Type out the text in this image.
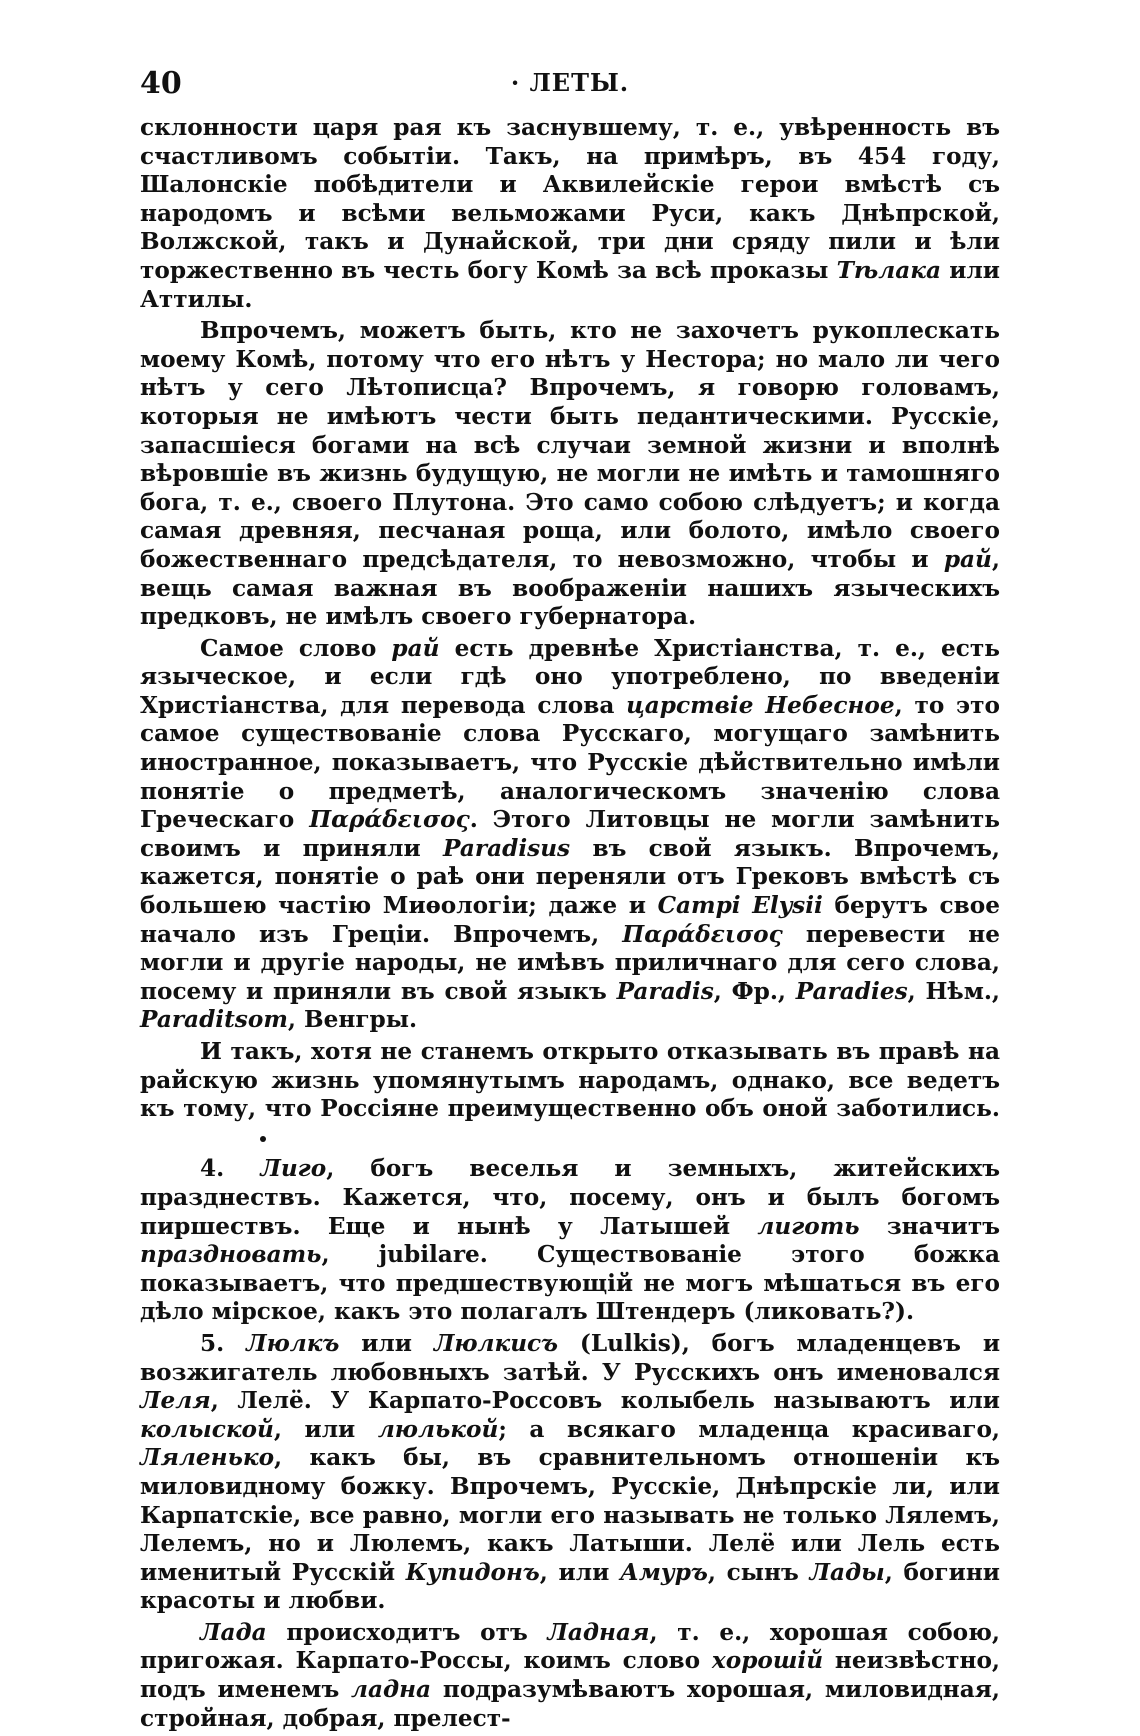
40	· ЛЕТЫ.

склонности царя рая къ заснувшему, т. е., увѣренность въ счастливомъ событіи. Такъ, на примѣръ, въ 454 году, Шалонскіе побѣдители и Аквилейскіе герои вмѣстѣ съ народомъ и всѣми вельможами Руси, какъ Днѣпрской, Волжской, такъ и Дунайской, три дни сряду пили и ѣли торжественно въ честь богу Комѣ за всѣ проказы Тѣлака или Аттилы.

Впрочемъ, можетъ быть, кто не захочетъ рукоплескать моему Комѣ, потому что его нѣтъ у Нестора; но мало ли чего нѣтъ у сего Лѣтописца? Впрочемъ, я говорю головамъ, которыя не имѣютъ чести быть педантическими. Русскіе, запасшіеся богами на всѣ случаи земной жизни и вполнѣ вѣровшіе въ жизнь будущую, не могли не имѣть и тамошняго бога, т. е., своего Плутона. Это само собою слѣдуетъ; и когда самая древняя, песчаная роща, или болото, имѣло своего божественнаго предсѣдателя, то невозможно, чтобы и рай, вещь самая важная въ воображеніи нашихъ языческихъ предковъ, не имѣлъ своего губернатора.

Самое слово рай есть древнѣе Христіанства, т. е., есть языческое, и если гдѣ оно употреблено, по введеніи Христіанства, для перевода слова царствіе Небесное, то это самое существованіе слова Русскаго, могущаго замѣнить иностранное, показываетъ, что Русскіе дѣйствительно имѣли понятіе о предметѣ, аналогическомъ значенію слова Греческаго Παράδεισος. Этого Литовцы не могли замѣнить своимъ и приняли Paradisus въ свой языкъ. Впрочемъ, кажется, понятіе о раѣ они переняли отъ Грековъ вмѣстѣ съ большею частію Миѳологіи; даже и Campi Elysii берутъ свое начало изъ Греціи. Впрочемъ, Παράδεισος перевести не могли и другіе народы, не имѣвъ приличнаго для сего слова, посему и приняли въ свой языкъ Paradis, Фр., Paradies, Нѣм., Paraditsom, Венгры.

И такъ, хотя не станемъ открыто отказывать въ правѣ на райскую жизнь упомянутымъ народамъ, однако, все ведетъ къ тому, что Россіяне преимущественно объ оной заботились.

4. Лиго, богъ веселья и земныхъ, житейскихъ празднествъ. Кажется, что, посему, онъ и былъ богомъ пиршествъ. Еще и нынѣ у Латышей лиготь значитъ праздновать, jubilare. Существованіе этого божка показываетъ, что предшествующій не могъ мѣшаться въ его дѣло мірское, какъ это полагалъ Штендеръ (ликовать?).

5. Люлкъ или Люлкисъ (Lulkis), богъ младенцевъ и возжигатель любовныхъ затѣй. У Русскихъ онъ именовался Леля, Лелё. У Карпато-Россовъ колыбель называютъ или колыской, или люлькой; а всякаго младенца красиваго, Ляленько, какъ бы, въ сравнительномъ отношеніи къ миловидному божку. Впрочемъ, Русскіе, Днѣпрскіе ли, или Карпатскіе, все равно, могли его называть не только Лялемъ, Лелемъ, но и Люлемъ, какъ Латыши. Лелё или Лель есть именитый Русскій Купидонъ, или Амуръ, сынъ Лады, богини красоты и любви.

Лада происходитъ отъ Ладная, т. е., хорошая собою, пригожая. Карпато-Россы, коимъ слово хорошій неизвѣстно, подъ именемъ ладна подразумѣваютъ хорошая, миловидная, стройная, добрая, прелест-
